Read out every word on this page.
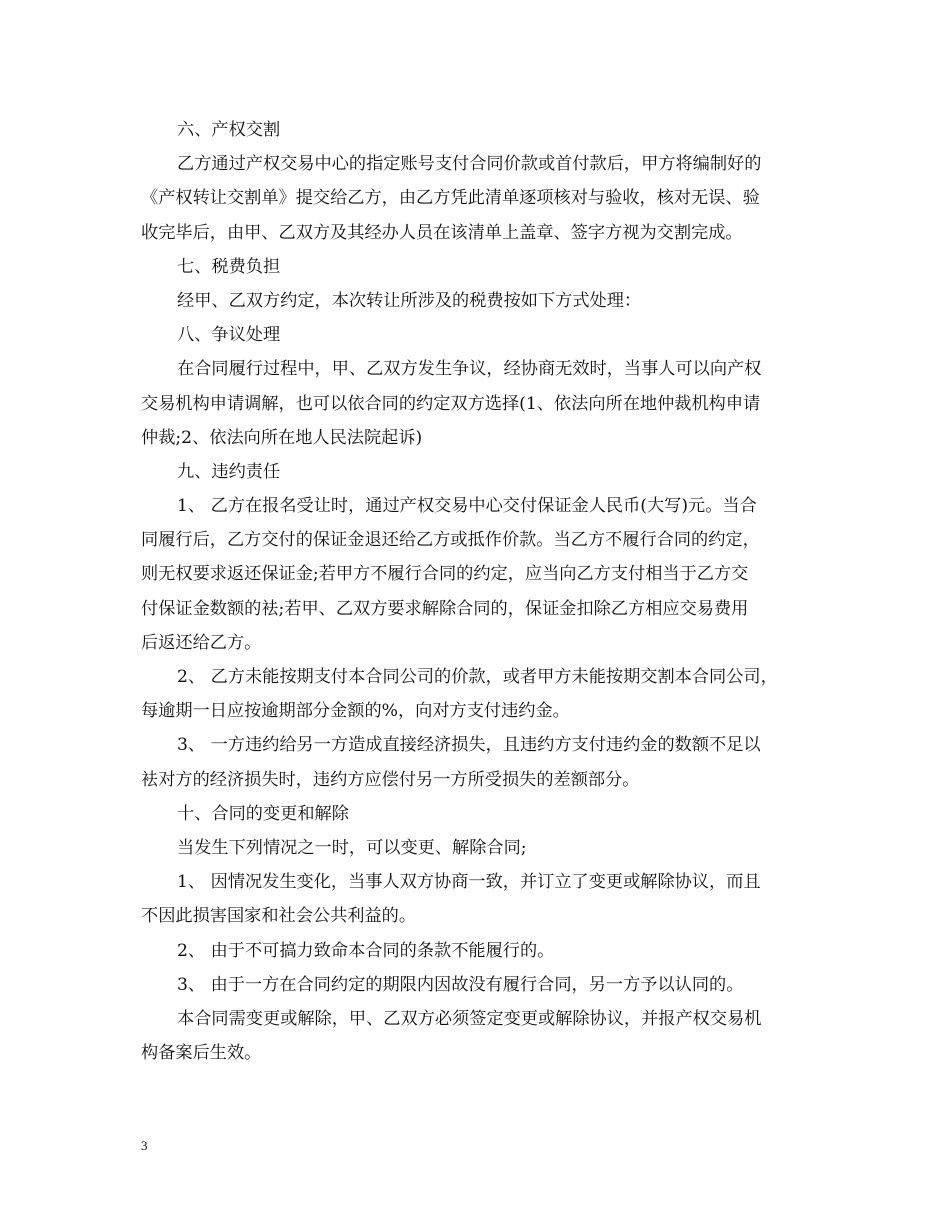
六、产权交割
乙方通过产权交易中心的指定账号支付合同价款或首付款后，甲方将编制好的
《产权转让交割单》提交给乙方，由乙方凭此清单逐项核对与验收，核对无误、验
收完毕后，由甲、乙双方及其经办人员在该清单上盖章、签字方视为交割完成。
七、税费负担
经甲、乙双方约定，本次转让所涉及的税费按如下方式处理：
八、争议处理
在合同履行过程中，甲、乙双方发生争议，经协商无效时，当事人可以向产权
交易机构申请调解，也可以依合同的约定双方选择(1、依法向所在地仲裁机构申请
仲裁;2、依法向所在地人民法院起诉)
九、违约责任
1、 乙方在报名受让时，通过产权交易中心交付保证金人民币(大写)元。当合
同履行后，乙方交付的保证金退还给乙方或抵作价款。当乙方不履行合同的约定，
则无权要求返还保证金;若甲方不履行合同的约定，应当向乙方支付相当于乙方交
付保证金数额的袪;若甲、乙双方要求解除合同的，保证金扣除乙方相应交易费用
后返还给乙方。
2、 乙方未能按期支付本合同公司的价款，或者甲方未能按期交割本合同公司，
每逾期一日应按逾期部分金额的%，向对方支付违约金。
3、 一方违约给另一方造成直接经济损失，且违约方支付违约金的数额不足以
袪对方的经济损失时，违约方应偿付另一方所受损失的差额部分。
十、合同的变更和解除
当发生下列情况之一时，可以变更、解除合同;
1、 因情况发生变化，当事人双方协商一致，并订立了变更或解除协议，而且
不因此损害国家和社会公共利益的。
2、 由于不可搞力致命本合同的条款不能履行的。
3、 由于一方在合同约定的期限内因故没有履行合同，另一方予以认同的。
本合同需变更或解除，甲、乙双方必须签定变更或解除协议，并报产权交易机
构备案后生效。
3
